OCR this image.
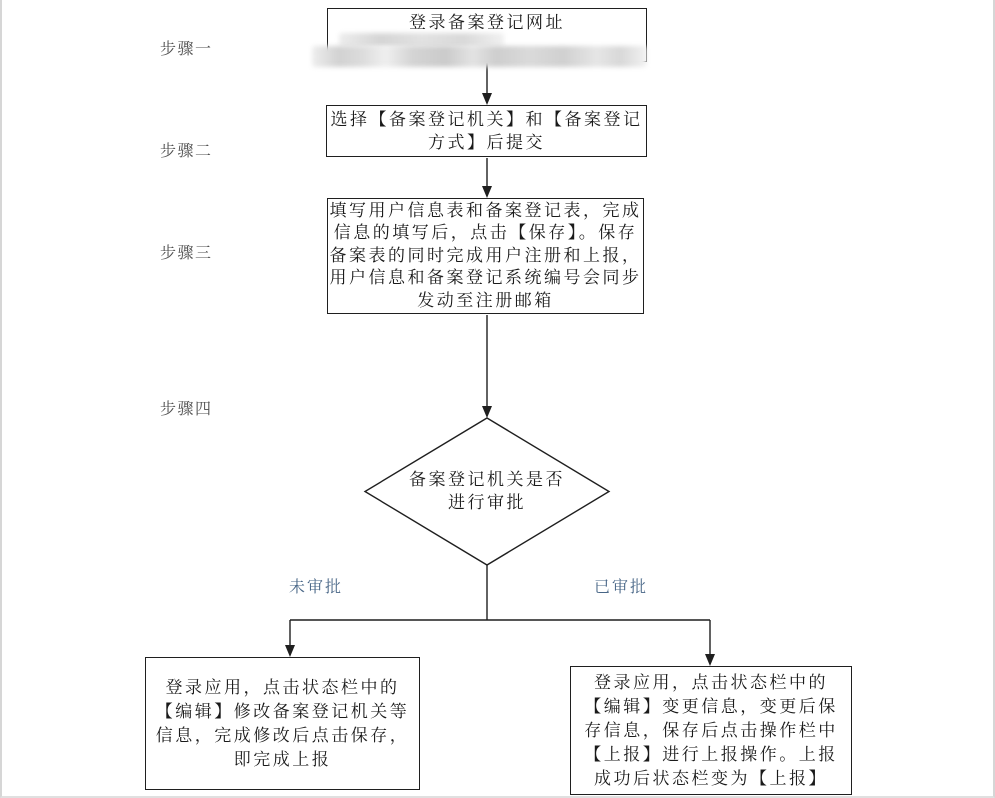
步骤一
步骤二
步骤三
步骤四
登录备案登记网址
选择【备案登记机关】和【备案登记方式】后提交
填写用户信息表和备案登记表，完成信息的填写后，点击【保存】。保存备案表的同时完成用户注册和上报，用户信息和备案登记系统编号会同步发动至注册邮箱
备案登记机关是否进行审批
未审批	已审批
登录应用，点击状态栏中的【编辑】修改备案登记机关等信息，完成修改后点击保存，即完成上报
登录应用，点击状态栏中的【编辑】变更信息，变更后保存信息，保存后点击操作栏中【上报】进行上报操作。上报成功后状态栏变为【上报】
